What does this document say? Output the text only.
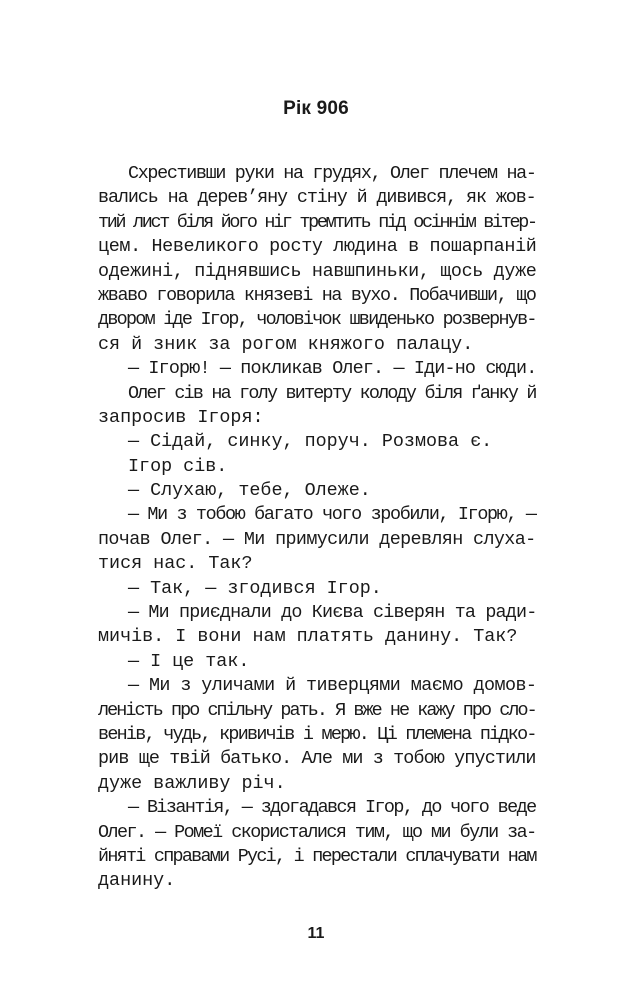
Рік 906
Схрестивши руки на грудях, Олег плечем на-
вались на дерев’яну стіну й дивився, як жов-
тий лист біля його ніг тремтить під осіннім вітер-
цем. Невеликого росту людина в пошарпаній
одежині, піднявшись навшпиньки, щось дуже
жваво говорила князеві на вухо. Побачивши, що
двором іде Ігор, чоловічок швиденько розвернув-
ся й зник за рогом княжого палацу.
— Ігорю! — покликав Олег. — Іди-но сюди.
Олег сів на голу витерту колоду біля ґанку й
запросив Ігоря:
— Сідай, синку, поруч. Розмова є.
Ігор сів.
— Слухаю, тебе, Олеже.
— Ми з тобою багато чого зробили, Ігорю, —
почав Олег. — Ми примусили деревлян слуха-
тися нас. Так?
— Так, — згодився Ігор.
— Ми приєднали до Києва сіверян та ради-
мичів. І вони нам платять данину. Так?
— І це так.
— Ми з уличами й тиверцями маємо домов-
леність про спільну рать. Я вже не кажу про сло-
венів, чудь, кривичів і мерю. Ці племена підко-
рив ще твій батько. Але ми з тобою упустили
дуже важливу річ.
— Візантія, — здогадався Ігор, до чого веде
Олег. — Ромеї скористалися тим, що ми були за-
йняті справами Русі, і перестали сплачувати нам
данину.
11
